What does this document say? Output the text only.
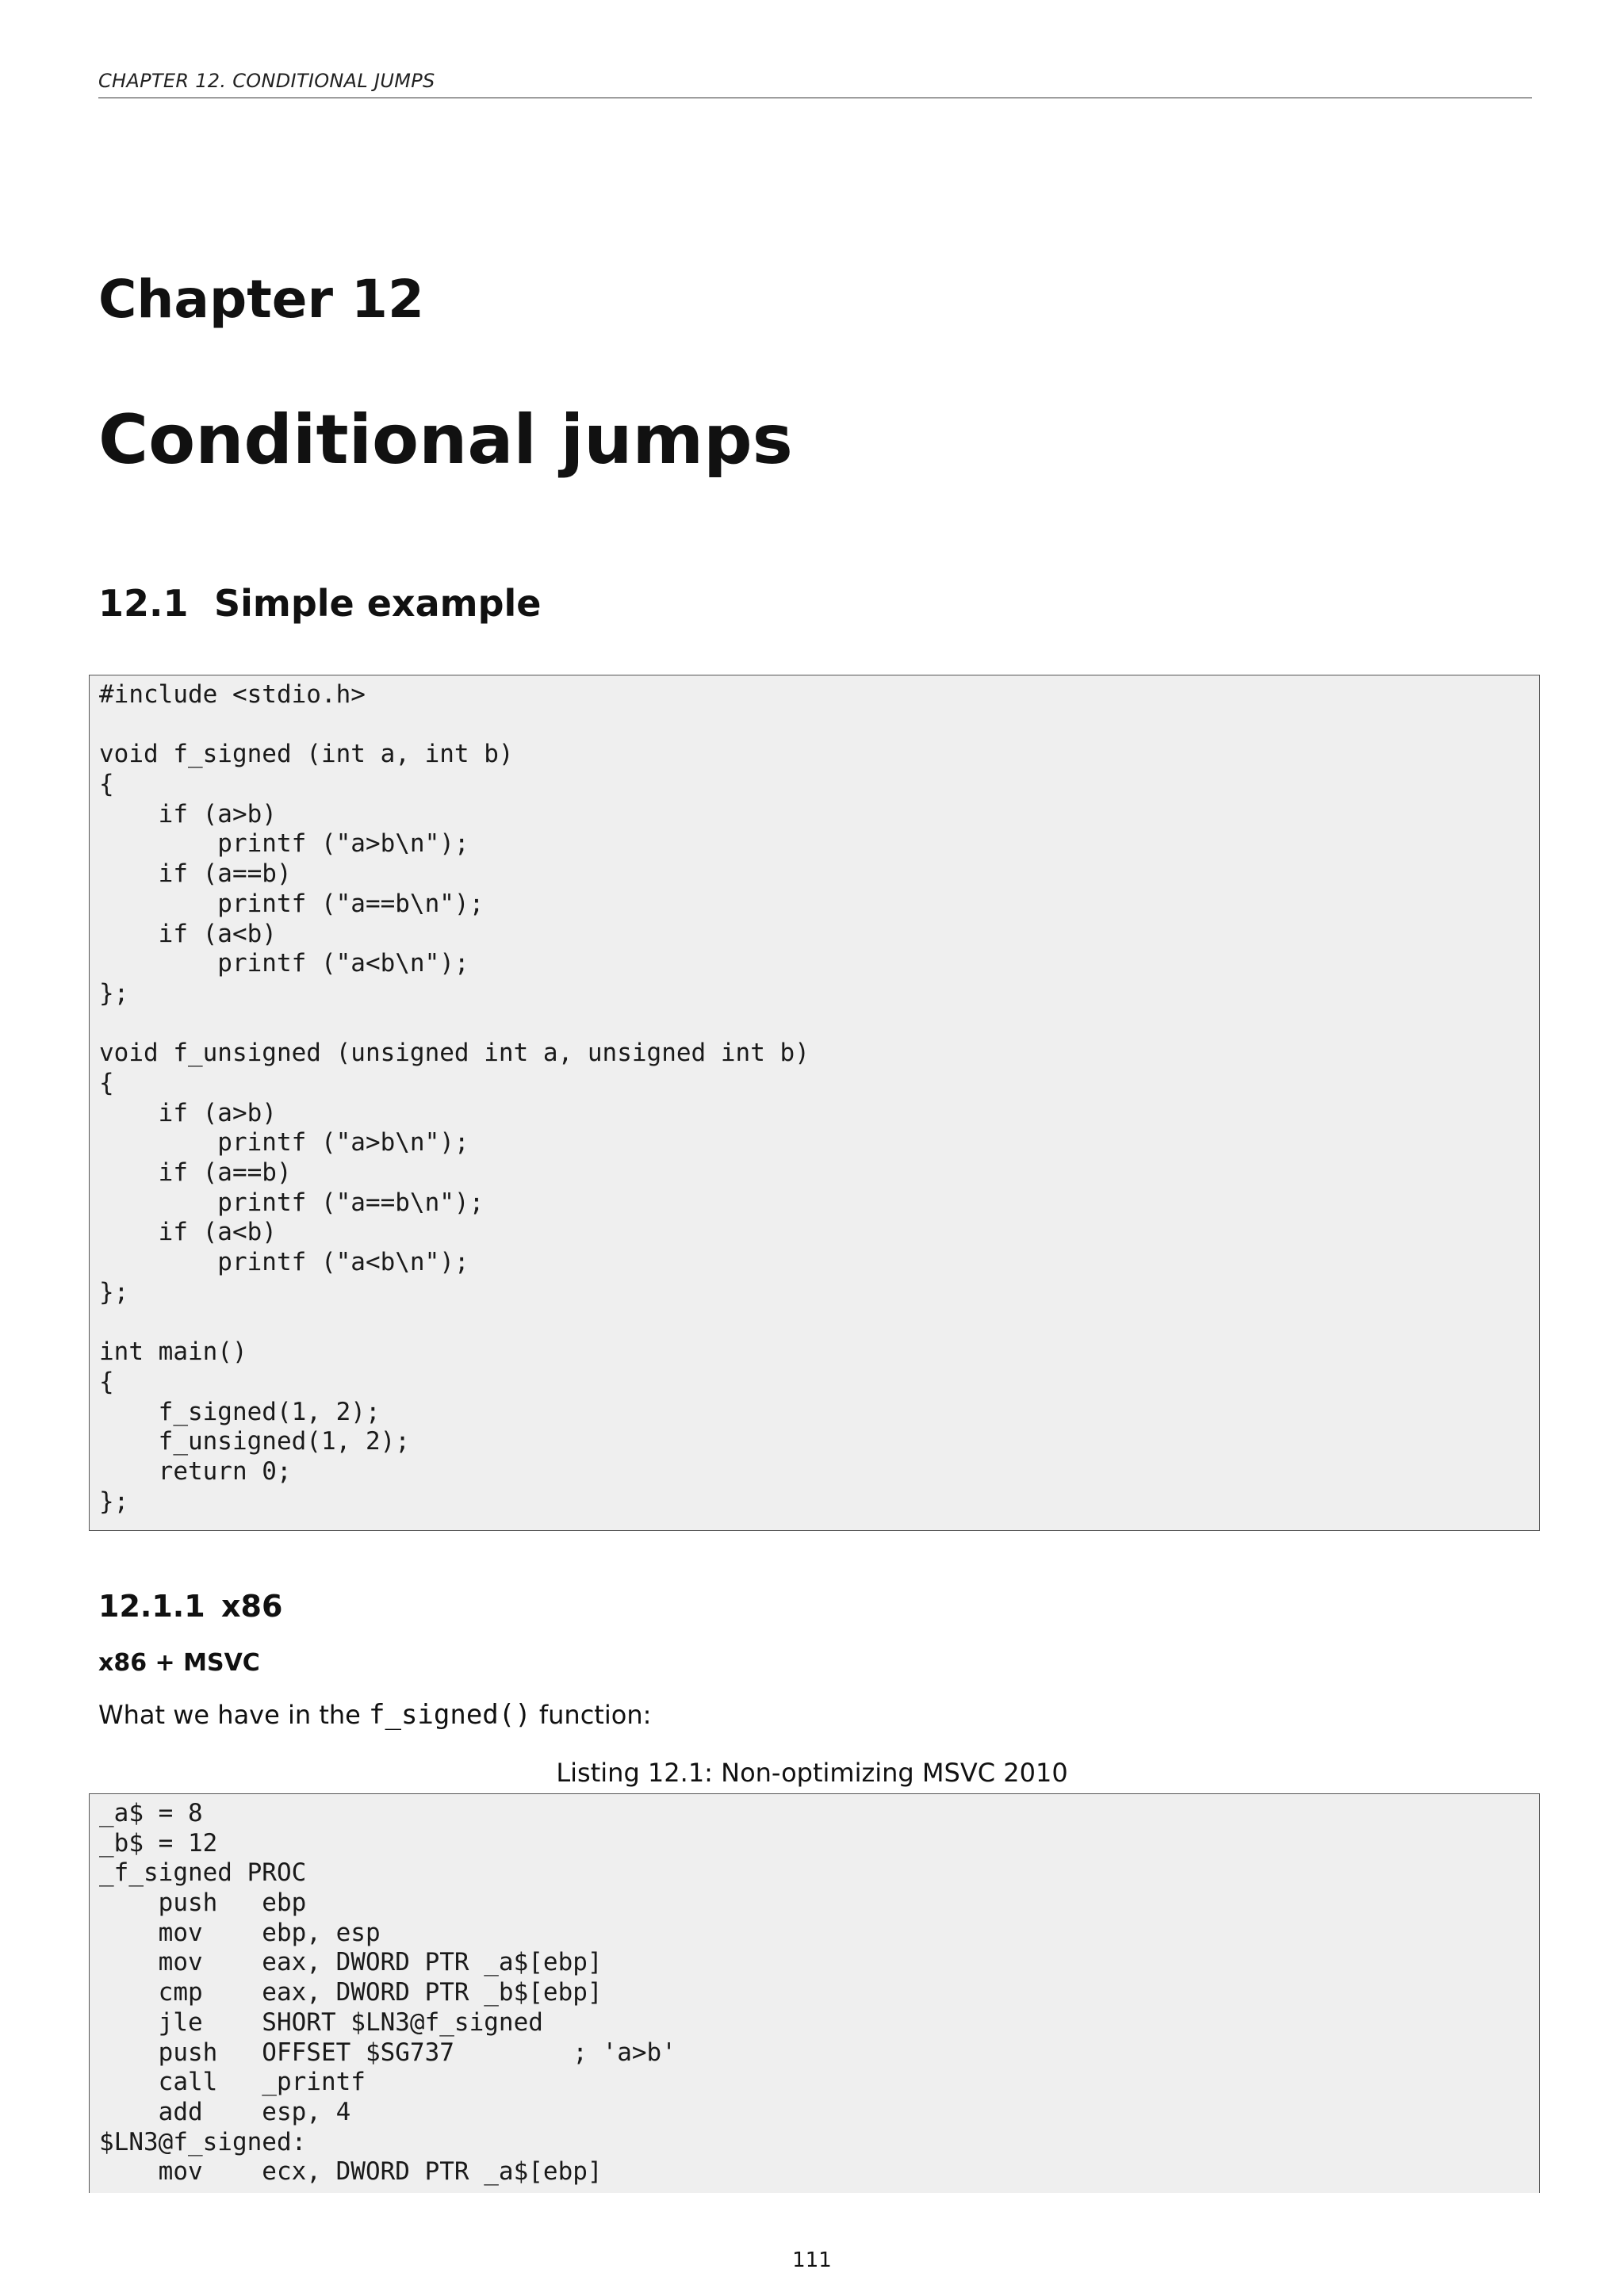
CHAPTER 12. CONDITIONAL JUMPS
Chapter 12
Conditional jumps
12.1 Simple example
#include <stdio.h>
void f_signed (int a, int b)
{
if (a>b)
printf ("a>b\n");
if (a==b)
printf ("a==b\n");
if (a<b)
printf ("a<b\n");
};
void f_unsigned (unsigned int a, unsigned int b)
{
if (a>b)
printf ("a>b\n");
if (a==b)
printf ("a==b\n");
if (a<b)
printf ("a<b\n");
};
int main()
{
f_signed(1, 2);
f_unsigned(1, 2);
return 0;
};
12.1.1 x86
x86 + MSVC
What we have in the f_signed() function:
Listing 12.1: Non-optimizing MSVC 2010
_a$ = 8
_b$ = 12
_f_signed PROC
push   ebp
mov    ebp, esp
mov    eax, DWORD PTR _a$[ebp]
cmp    eax, DWORD PTR _b$[ebp]
jle    SHORT $LN3@f_signed
push   OFFSET $SG737        ; 'a>b'
call   _printf
add    esp, 4
$LN3@f_signed:
mov    ecx, DWORD PTR _a$[ebp]
111
